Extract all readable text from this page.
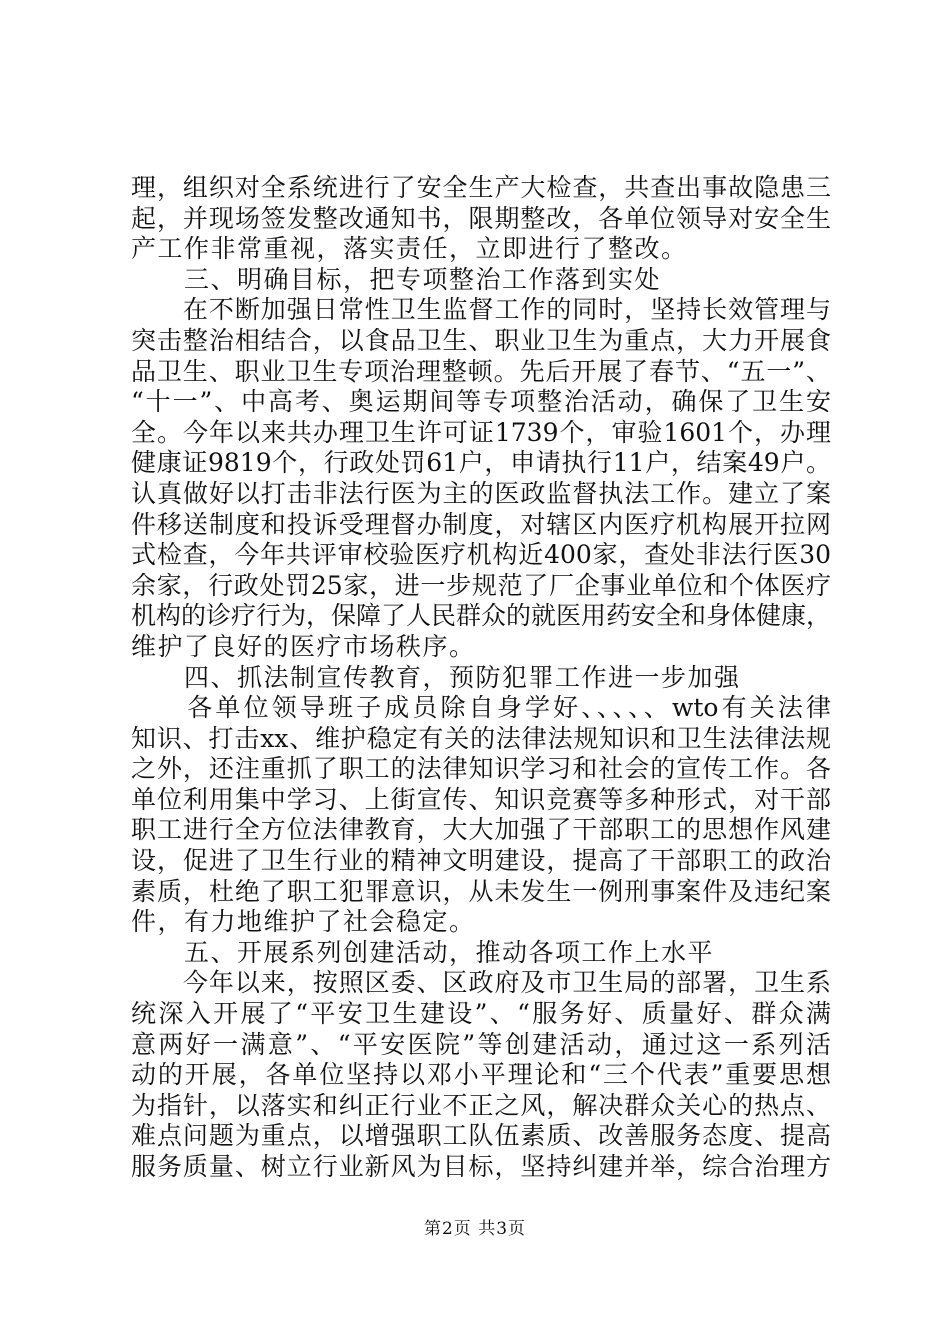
理，组织对全系统进行了安全生产大检查，共查出事故隐患三
起，并现场签发整改通知书，限期整改，各单位领导对安全生
产工作非常重视，落实责任，立即进行了整改。
　　三、明确目标，把专项整治工作落到实处
　　在不断加强日常性卫生监督工作的同时，坚持长效管理与
突击整治相结合，以食品卫生、职业卫生为重点，大力开展食
品卫生、职业卫生专项治理整顿。先后开展了春节、“五一”、
“十一”、中高考、奥运期间等专项整治活动，确保了卫生安
全。今年以来共办理卫生许可证1739个，审验1601个，办理
健康证9819个，行政处罚61户，申请执行11户，结案49户。
认真做好以打击非法行医为主的医政监督执法工作。建立了案
件移送制度和投诉受理督办制度，对辖区内医疗机构展开拉网
式检查，今年共评审校验医疗机构近400家，查处非法行医30
余家，行政处罚25家，进一步规范了厂企事业单位和个体医疗
机构的诊疗行为，保障了人民群众的就医用药安全和身体健康，
维护了良好的医疗市场秩序。
　　四、抓法制宣传教育，预防犯罪工作进一步加强
　　各单位领导班子成员除自身学好、、、、、wto有关法律
知识、打击xx、维护稳定有关的法律法规知识和卫生法律法规
之外，还注重抓了职工的法律知识学习和社会的宣传工作。各
单位利用集中学习、上街宣传、知识竞赛等多种形式，对干部
职工进行全方位法律教育，大大加强了干部职工的思想作风建
设，促进了卫生行业的精神文明建设，提高了干部职工的政治
素质，杜绝了职工犯罪意识，从未发生一例刑事案件及违纪案
件，有力地维护了社会稳定。
　　五、开展系列创建活动，推动各项工作上水平
　　今年以来，按照区委、区政府及市卫生局的部署，卫生系
统深入开展了“平安卫生建设”、“服务好、质量好、群众满
意两好一满意”、“平安医院”等创建活动，通过这一系列活
动的开展，各单位坚持以邓小平理论和“三个代表”重要思想
为指针，以落实和纠正行业不正之风，解决群众关心的热点、
难点问题为重点，以增强职工队伍素质、改善服务态度、提高
服务质量、树立行业新风为目标，坚持纠建并举，综合治理方
第2页 共3页
